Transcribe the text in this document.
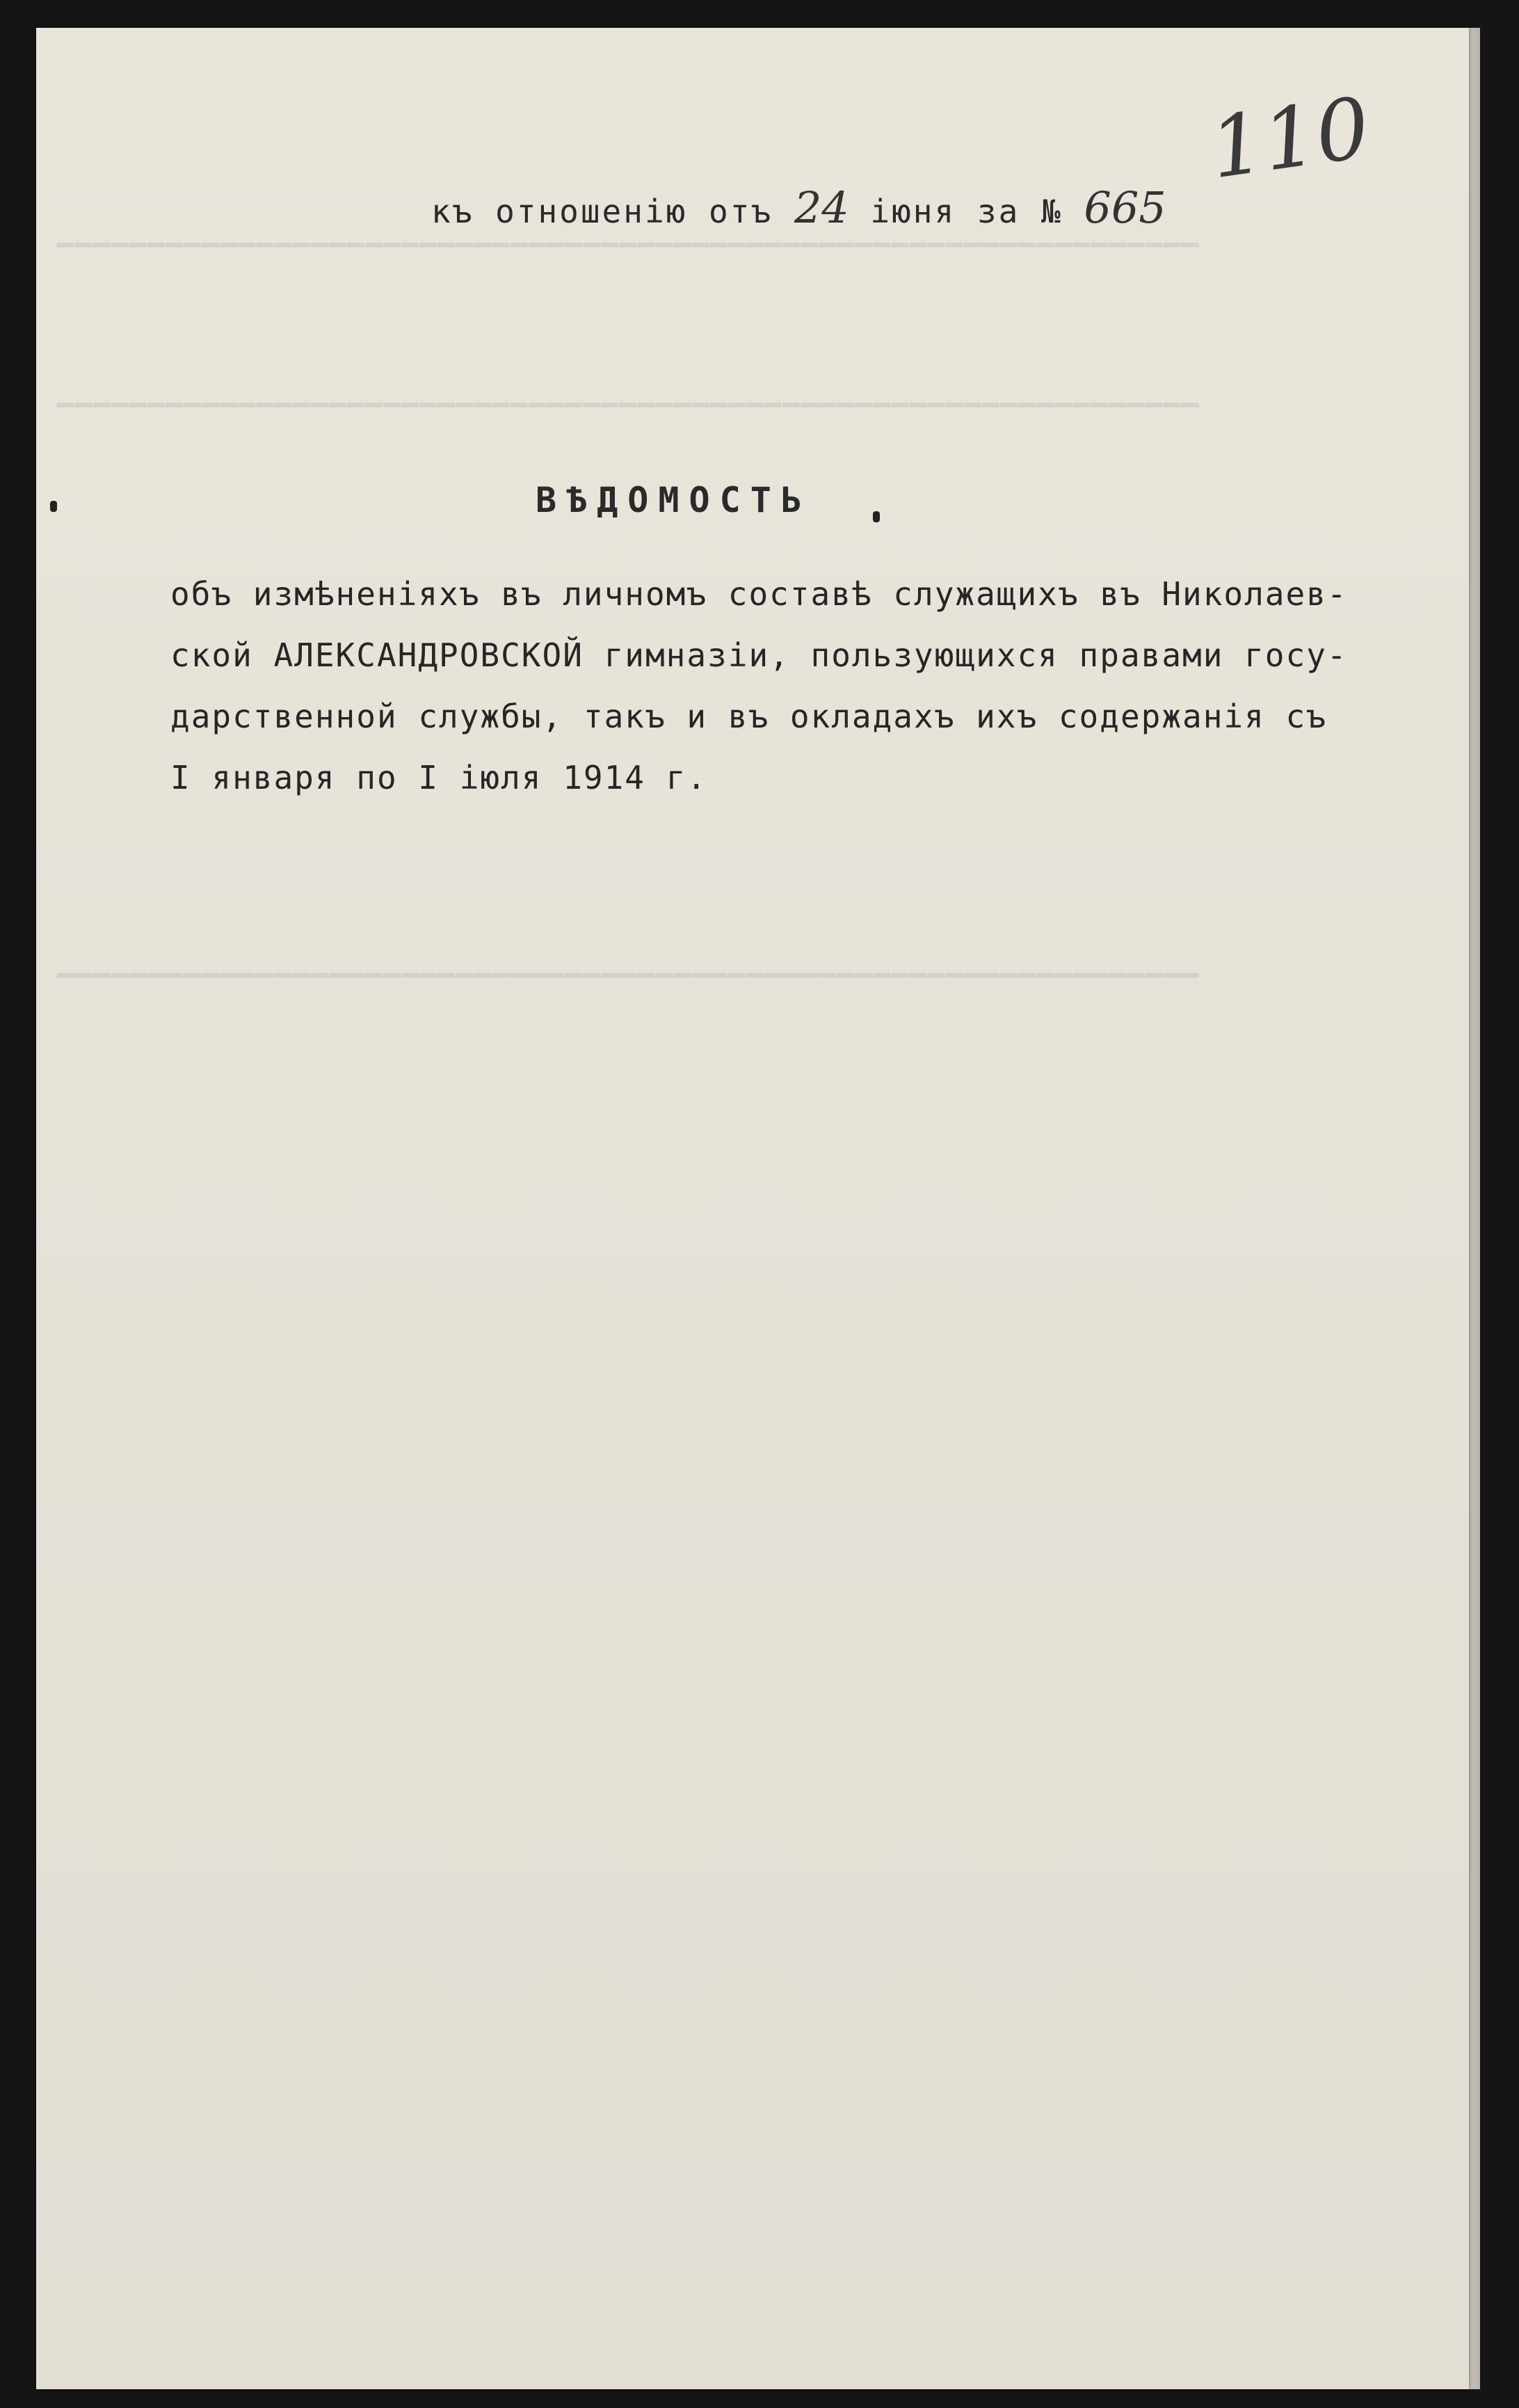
━━━━━━━━━━━━━━━━━━━━━━━━━━━━━━━━━━━━━━━━━━━━━━━━━━━━━━━━━━━━━━━
━━━━━━━━━━━━━━━━━━━━━━━━━━━━━━━━━━━━━━━━━━━━━━━━━━━━━━━━━━━━━━━
━━━━━━━━━━━━━━━━━━━━━━━━━━━━━━━━━━━━━━━━━━━━━━━━━━━━━━━━━━━━━━━
къ отношенiю отъ 24 iюня за № 665
110
ВѢДОМОСТЬ
объ измѣненiяхъ въ личномъ составѣ служащихъ въ Николаев-
ской АЛЕКСАНДРОВСКОЙ гимназiи, пользующихся правами госу-
дарственной службы, такъ и въ окладахъ ихъ содержанiя съ
I января по I iюля 1914 г.
